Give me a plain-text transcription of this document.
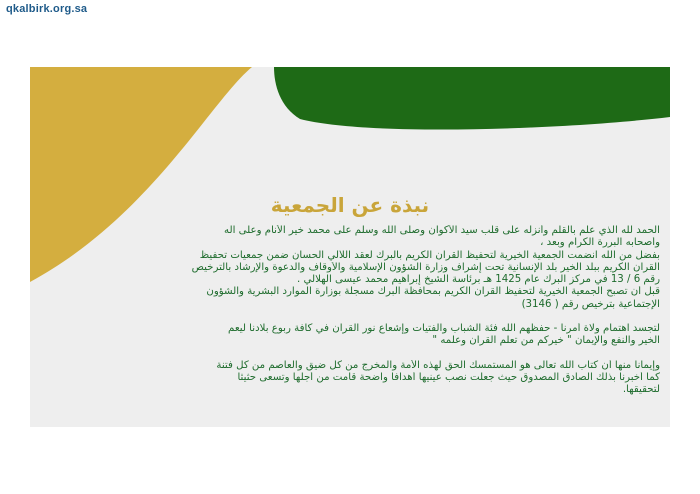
qkalbirk.org.sa
نبذة عن الجمعية
الحمد لله الذي علّم بالقلم وأنزله على قلب سيد الأكوان وصلى الله وسلم على محمد خير الأنام وعلى آله
وأصحابه البررة الكرام وبعد ،
بفضل من الله انضمت الجمعية الخيرية لتحفيظ القرآن الكريم بالبرك لعقد اللآلي الحسان ضمن جمعيات تحفيظ
القرآن الكريم ببلد الخير بلد الإنسانية تحت إشراف وزارة الشؤون الإسلامية والأوقاف والدعوة والإرشاد بالترخيص
رقم 6 / 13 في مركز البرك عام 1425 هـ برئاسة الشيخ إبراهيم محمد عيسى الهلالي .
قبل أن تصبح الجمعية الخيرية لتحفيظ القرآن الكريم بمحافظة البرك مسجلة بوزارة الموارد البشرية والشؤون
الإجتماعية بترخيص رقم ( 3146)
لتجسد اهتمام ولاة أمرنا - حفظهم الله فئة الشباب والفتيات وإشعاع نور القرآن في كافة ربوع بلادنا ليعم
الخير والنفع والإيمان " خيركم من تعلم القرآن وعلمه "
وإيماناً منها أن كتاب الله تعالى هو المستمسك الحق لهذه الأمة والمخرج من كل ضيق والعاصم من كل فتنة
كما أخبرنا بذلك الصادق المصدوق حيث جعلت نصب عينيها أهدافاً واضحة قامت من أجلها وتسعى حثيثاً
لتحقيقها.
